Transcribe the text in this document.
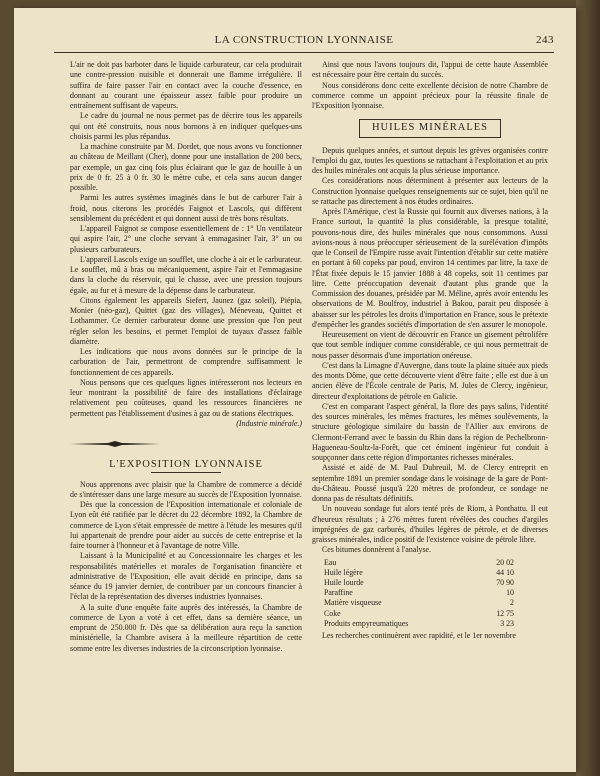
LA CONSTRUCTION LYONNAISE	243

L'air ne doit pas barboter dans le liquide carburateur, car cela produirait une contre-pression nuisible et donnerait une flamme irrégulière. Il suffira de faire passer l'air en contact avec la couche d'essence, en donnant au courant une épaisseur assez faible pour produire un entraînement suffisant de vapeurs.

Le cadre du journal ne nous permet pas de décrire tous les appareils qui ont été construits, nous nous bornons à en indiquer quelques-uns choisis parmi les plus répandus.

La machine construite par M. Dordet, que nous avons vu fonctionner au château de Meillant (Cher), donne pour une installation de 200 becs, par exemple, un gaz cinq fois plus éclairant que le gaz de houille à un prix de 0 fr. 25 à 0 fr. 30 le mètre cube, et cela sans aucun danger possible.

Parmi les autres systèmes imaginés dans le but de carburer l'air à froid, nous citerons les procédés Faignot et Lascols, qui diffèrent sensiblement du précédent et qui donnent aussi de très bons résultats.

L'appareil Faignot se compose essentiellement de : 1° Un ventilateur qui aspire l'air, 2° une cloche servant à emmagasiner l'air, 3° un ou plusieurs carburateurs.

L'appareil Lascols exige un soufflet, une cloche à air et le carburateur. Le soufflet, mû à bras ou mécaniquement, aspire l'air et l'emmagasine dans la cloche du réservoir, qui le chasse, avec une pression toujours égale, au fur et à mesure de la dépense dans le carburateur.

Citons également les appareils Siefert, Jaunez (gaz soleil), Piépia, Monier (néo-gaz), Quittet (gaz des villages), Méneveau, Quittet et Lothammer. Ce dernier carburateur donne une pression que l'on peut régler selon les besoins, et permet l'emploi de tuyaux d'assez faible diamètre.

Les indications que nous avons données sur le principe de la carburation de l'air, permettront de comprendre suffisamment le fonctionnement de ces appareils.

Nous pensons que ces quelques lignes intéresseront nos lecteurs en leur montrant la possibilité de faire des installations d'éclairage relativement peu coûteuses, quand les ressources financières ne permettent pas l'établissement d'usines à gaz ou de stations électriques.

(Industrie minérale.)

L'EXPOSITION LYONNAISE

Nous apprenons avec plaisir que la Chambre de commerce a décidé de s'intéresser dans une large mesure au succès de l'Exposition lyonnaise.

Dès que la concession de l'Exposition internationale et coloniale de Lyon eût été ratifiée par le décret du 22 décembre 1892, la Chambre de commerce de Lyon s'était empressée de mettre à l'étude les mesures qu'il lui appartenait de prendre pour aider au succès de cette entreprise et la faire tourner à l'honneur et à l'avantage de notre Ville.

Laissant à la Municipalité et au Concessionnaire les charges et les responsabilités matérielles et morales de l'organisation financière et administrative de l'Exposition, elle avait décidé en principe, dans sa séance du 19 janvier dernier, de contribuer par un concours financier à l'éclat de la représentation des diverses industries lyonnaises.

A la suite d'une enquête faite auprès des intéressés, la Chambre de commerce de Lyon a voté à cet effet, dans sa dernière séance, un emprunt de 250.000 fr. Dès que sa délibération aura reçu la sanction ministérielle, la Chambre avisera à la meilleure répartition de cette somme entre les diverses industries de la circonscription lyonnaise.

Ainsi que nous l'avons toujours dit, l'appui de cette haute Assemblée est nécessaire pour être certain du succès.

Nous considérons donc cette excellente décision de notre Chambre de commerce comme un appoint précieux pour la réussite finale de l'Exposition lyonnaise.

HUILES MINÉRALES

Depuis quelques années, et surtout depuis les grèves organisées contre l'emploi du gaz, toutes les questions se rattachant à l'exploitation et au prix des huiles minérales ont acquis la plus sérieuse importance.

Ces considérations nous déterminent à présenter aux lecteurs de la Construction lyonnaise quelques renseignements sur ce sujet, bien qu'il ne se rattache pas directement à nos études ordinaires.

Après l'Amérique, c'est la Russie qui fournit aux diverses nations, à la France surtout, la quantité la plus considérable, la presque totalité, pouvons-nous dire, des huiles minérales que nous consommons. Aussi avions-nous à nous préoccuper sérieusement de la surélévation d'impôts que le Conseil de l'Empire russe avait l'intention d'établir sur cette matière en portant à 60 copeks par poud, environ 14 centimes par litre, la taxe de l'État fixée depuis le 15 janvier 1888 à 48 copeks, soit 11 centimes par litre. Cette préoccupation devenait d'autant plus grande que la Commission des douanes, présidée par M. Méline, après avoir entendu les observations de M. Boulfroy, industriel à Bakou, parait peu disposée à abaisser sur les pétroles les droits d'importation en France, sous le prétexte d'empêcher les grandes sociétés d'importation de s'en assurer le monopole.

Heureusement on vient de découvrir en France un gisement pétrolifère que tout semble indiquer comme considérable, ce qui nous permettrait de nous passer désormais d'une importation onéreuse.

C'est dans la Limagne d'Auvergne, dans toute la plaine située aux pieds des monts Dôme, que cette découverte vient d'être faite ; elle est due à un ancien élève de l'École centrale de Paris, M. Jules de Clercy, ingénieur, directeur d'exploitations de pétrole en Galicie.

C'est en comparant l'aspect général, la flore des pays salins, l'identité des sources minérales, les mêmes fractures, les mêmes soulèvements, la structure géologique similaire du bassin de l'Allier aux environs de Clermont-Ferrand avec le bassin du Rhin dans la région de Pechelbronn-Hagueneau-Soultz-la-Forêt, que cet éminent ingénieur fut conduit à soupçonner dans cette région d'importantes richesses minérales.

Assisté et aidé de M. Paul Dubreuil, M. de Clercy entreprit en septembre 1891 un premier sondage dans le voisinage de la gare de Pont-du-Château. Poussé jusqu'à 220 mètres de profondeur, ce sondage ne donna pas de résultats définitifs.

Un nouveau sondage fut alors tenté près de Riom, à Ponthattu. Il eut d'heureux résultats ; à 276 mètres furent révélées des couches d'argiles imprégnées de gaz carburés, d'huiles légères de pétrole, et de diverses graisses minérales, indice positif de l'existence voisine de pétrole libre.

Ces bitumes donnèrent à l'analyse.

Eau	20 02
Huile légère	44 10
Huile lourde	70 90
Paraffine	10
Matière visqueuse	2
Coke	12 75
Produits empyreumatiques	3 23

Les recherches continuèrent avec rapidité, et le 1er novembre
